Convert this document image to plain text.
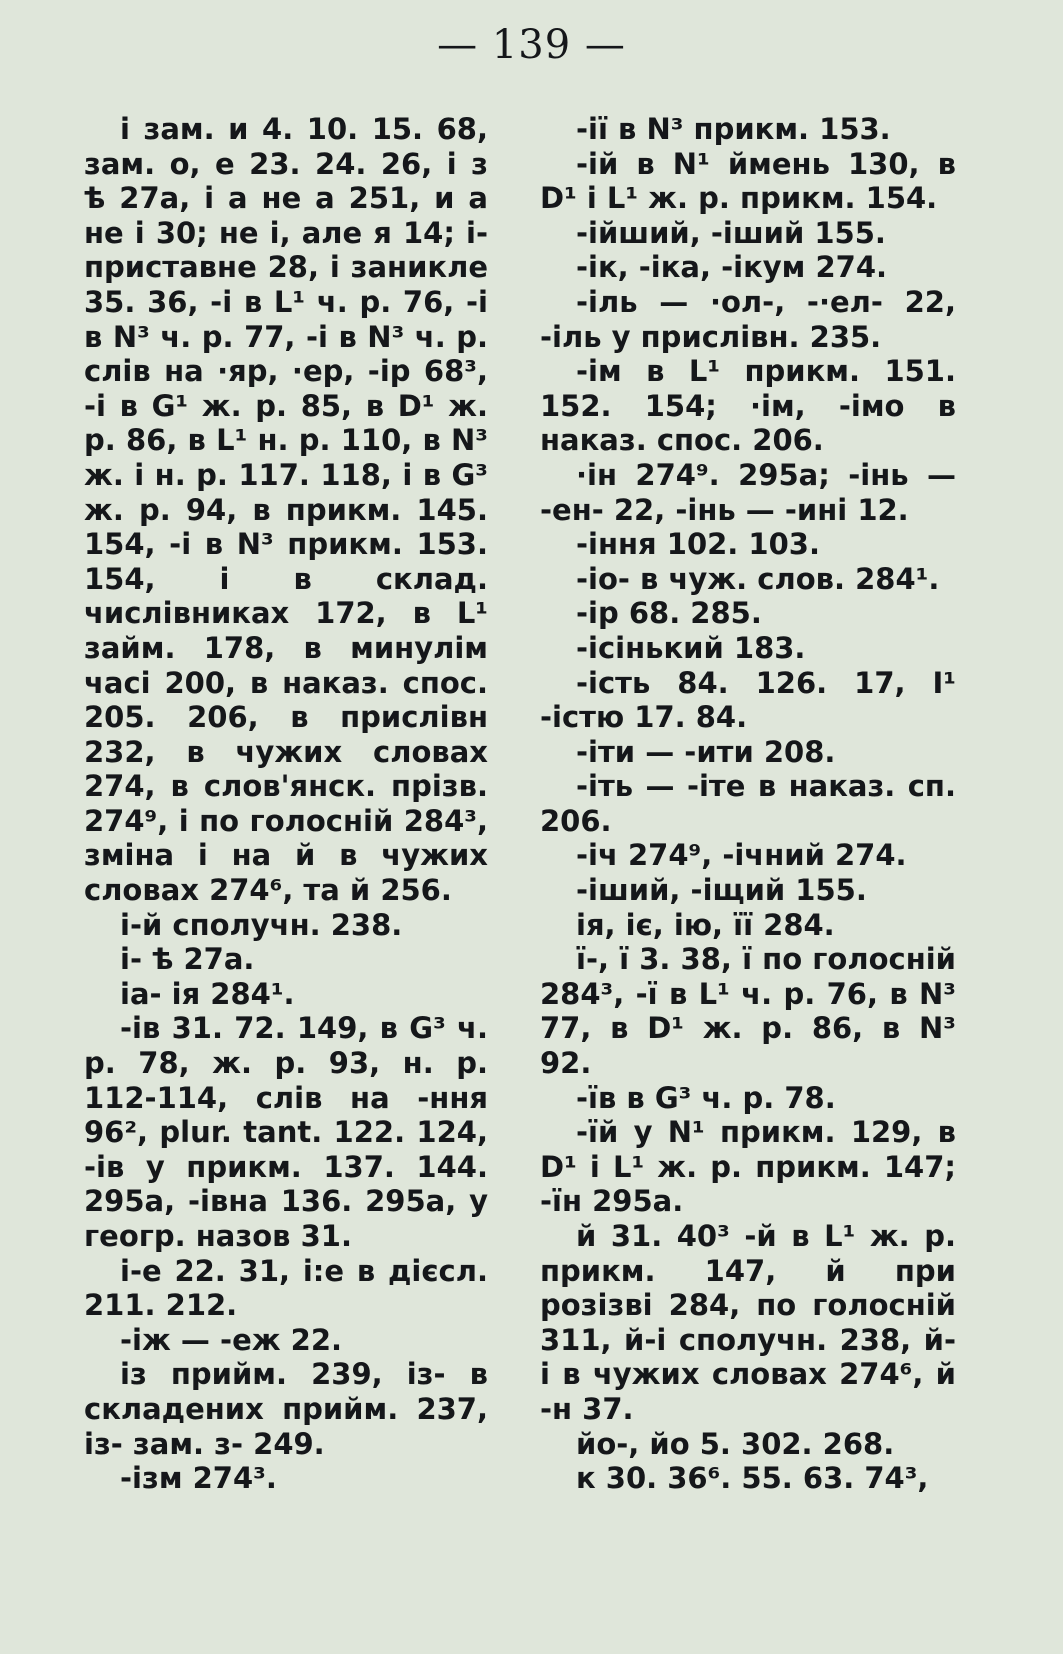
— 139 —

і зам. и 4. 10. 15. 68, зам. о, е 23. 24. 26, і з ѣ 27а, і а не а 251, и а не і 30; не і, але я 14; і- приставне 28, і заникле 35. 36, -і в L¹ ч. р. 76, -і в N³ ч. р. 77, -і в N³ ч. р. слів на ·яр, ·ер, -ір 68³, -і в G¹ ж. р. 85, в D¹ ж. р. 86, в L¹ н. р. 110, в N³ ж. і н. р. 117. 118, і в G³ ж. р. 94, в прикм. 145. 154, -і в N³ прикм. 153. 154, і в склад. числівниках 172, в L¹ займ. 178, в минулім часі 200, в наказ. спос. 205. 206, в прислівн 232, в чужих словах 274, в слов'янск. прізв. 274⁹, і по голосній 284³, зміна і на й в чужих словах 274⁶, та й 256.

і-й сполучн. 238.

і- ѣ 27а.

іа- ія 284¹.

-ів 31. 72. 149, в G³ ч. р. 78, ж. р. 93, н. р. 112-114, слів на -ння 96², plur. tant. 122. 124, -ів у прикм. 137. 144. 295а, -івна 136. 295а, у геогр. назов 31.

і-е 22. 31, і:е в дієсл. 211. 212.

-іж — -еж 22.

із прийм. 239, із- в складених прийм. 237, із- зам. з- 249.

-ізм 274³.

-ії в N³ прикм. 153.

-ій в N¹ ймень 130, в D¹ і L¹ ж. р. прикм. 154.

-ійший, -іший 155.

-ік, -іка, -ікум 274.

-іль — ·ол-, -·ел- 22, -іль у прислівн. 235.

-ім в L¹ прикм. 151. 152. 154; ·ім, -імо в наказ. спос. 206.

·ін 274⁹. 295а; -інь — -ен- 22, -інь — -ині 12.

-іння 102. 103.

-іо- в чуж. слов. 284¹.

-ір 68. 285.

-ісінький 183.

-ість 84. 126. 17, І¹ -істю 17. 84.

-іти — -ити 208.

-іть — -іте в наказ. сп. 206.

-іч 274⁹, -ічний 274.

-іший, -іщий 155.

ія, іє, ію, її 284.

ї-, ї 3. 38, ї по голосній 284³, -ї в L¹ ч. р. 76, в N³ 77, в D¹ ж. р. 86, в N³ 92.

-їв в G³ ч. р. 78.

-їй у N¹ прикм. 129, в D¹ і L¹ ж. р. прикм. 147; -їн 295а.

й 31. 40³ -й в L¹ ж. р. прикм. 147, й при розізві 284, по голосній 311, й-і сполучн. 238, й-і в чужих словах 274⁶, й -н 37.

йо-, йо 5. 302. 268.

к 30. 36⁶. 55. 63. 74³,
